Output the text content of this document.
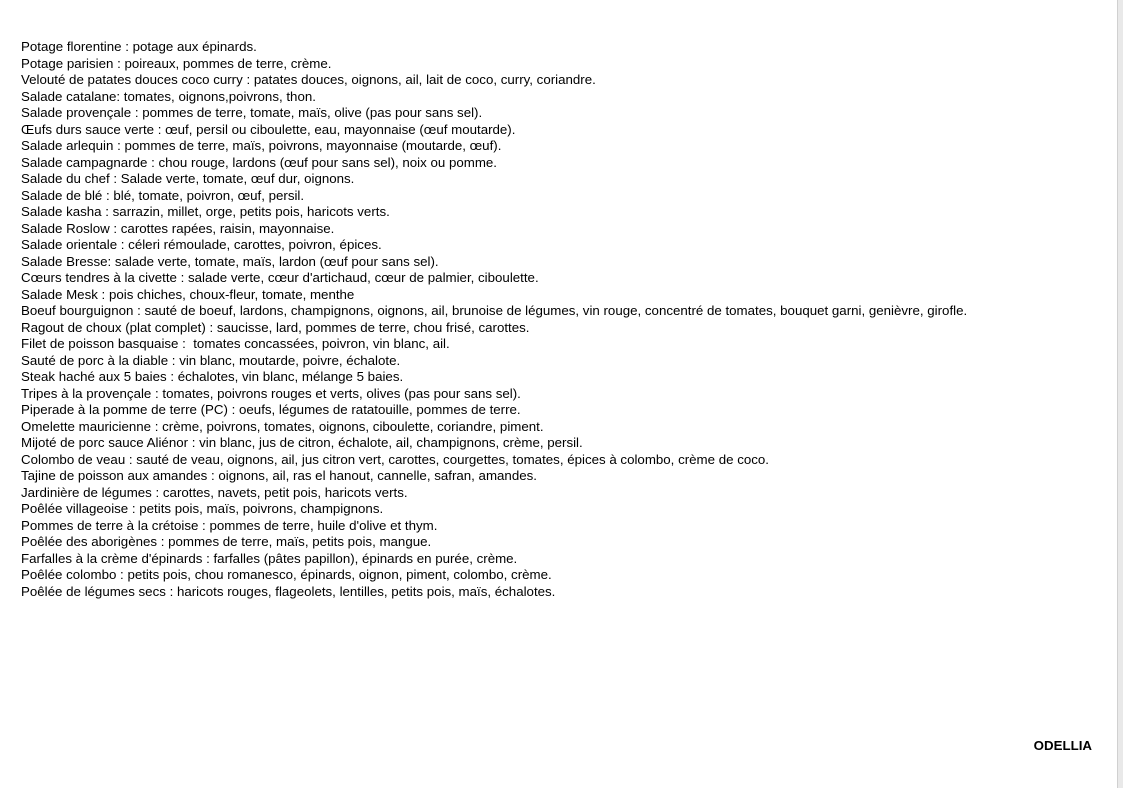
Potage florentine : potage aux épinards.
Potage parisien : poireaux, pommes de terre, crème.
Velouté de patates douces coco curry : patates douces, oignons, ail, lait de coco, curry, coriandre.
Salade catalane: tomates, oignons,poivrons, thon.
Salade provençale : pommes de terre, tomate, maïs, olive (pas pour sans sel).
Œufs durs sauce verte : œuf, persil ou ciboulette, eau, mayonnaise (œuf moutarde).
Salade arlequin : pommes de terre, maïs, poivrons, mayonnaise (moutarde, œuf).
Salade campagnarde : chou rouge, lardons (œuf pour sans sel), noix ou pomme.
Salade du chef : Salade verte, tomate, œuf dur, oignons.
Salade de blé : blé, tomate, poivron, œuf, persil.
Salade kasha : sarrazin, millet, orge, petits pois, haricots verts.
Salade Roslow : carottes rapées, raisin, mayonnaise.
Salade orientale : céleri rémoulade, carottes, poivron, épices.
Salade Bresse: salade verte, tomate, maïs, lardon (œuf pour sans sel).
Cœurs tendres à la civette : salade verte, cœur d'artichaud, cœur de palmier, ciboulette.
Salade Mesk : pois chiches, choux-fleur, tomate, menthe
Boeuf bourguignon : sauté de boeuf, lardons, champignons, oignons, ail, brunoise de légumes, vin rouge, concentré de tomates, bouquet garni, genièvre, girofle.
Ragout de choux (plat complet) : saucisse, lard, pommes de terre, chou frisé, carottes.
Filet de poisson basquaise :  tomates concassées, poivron, vin blanc, ail.
Sauté de porc à la diable : vin blanc, moutarde, poivre, échalote.
Steak haché aux 5 baies : échalotes, vin blanc, mélange 5 baies.
Tripes à la provençale : tomates, poivrons rouges et verts, olives (pas pour sans sel).
Piperade à la pomme de terre (PC) : oeufs, légumes de ratatouille, pommes de terre.
Omelette mauricienne : crème, poivrons, tomates, oignons, ciboulette, coriandre, piment.
Mijoté de porc sauce Aliénor : vin blanc, jus de citron, échalote, ail, champignons, crème, persil.
Colombo de veau : sauté de veau, oignons, ail, jus citron vert, carottes, courgettes, tomates, épices à colombo, crème de coco.
Tajine de poisson aux amandes : oignons, ail, ras el hanout, cannelle, safran, amandes.
Jardinière de légumes : carottes, navets, petit pois, haricots verts.
Poêlée villageoise : petits pois, maïs, poivrons, champignons.
Pommes de terre à la crétoise : pommes de terre, huile d'olive et thym.
Poêlée des aborigènes : pommes de terre, maïs, petits pois, mangue.
Farfalles à la crème d'épinards : farfalles (pâtes papillon), épinards en purée, crème.
Poêlée colombo : petits pois, chou romanesco, épinards, oignon, piment, colombo, crème.
Poêlée de légumes secs : haricots rouges, flageolets, lentilles, petits pois, maïs, échalotes.
ODELLIA
